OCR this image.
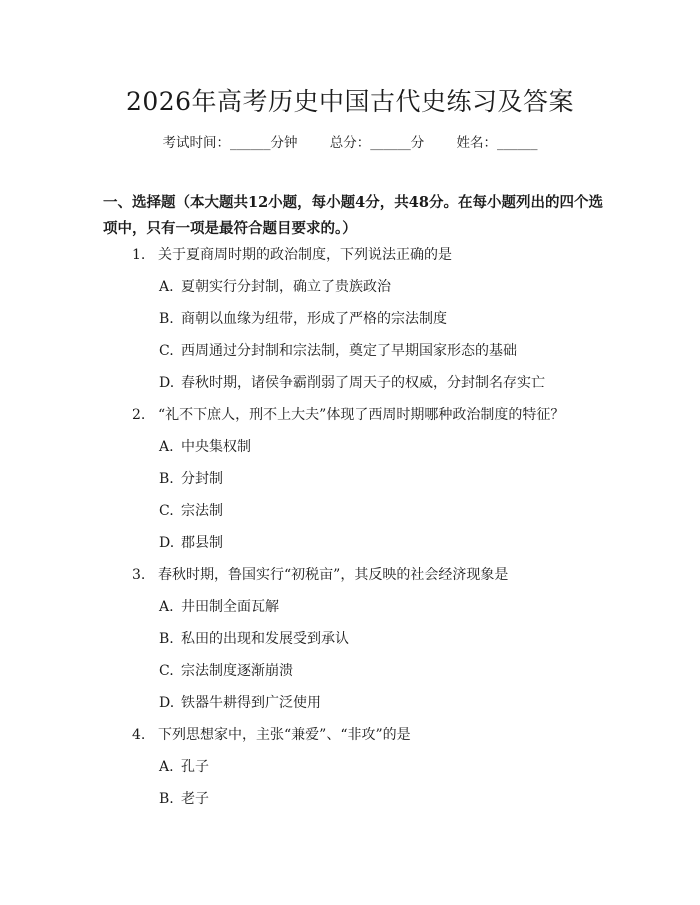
2026年高考历史中国古代史练习及答案
考试时间：______分钟 总分：______分 姓名：______
一、选择题（本大题共12小题，每小题4分，共48分。在每小题列出的四个选项中，只有一项是最符合题目要求的。）
1. 关于夏商周时期的政治制度，下列说法正确的是
A. 夏朝实行分封制，确立了贵族政治
B. 商朝以血缘为纽带，形成了严格的宗法制度
C. 西周通过分封制和宗法制，奠定了早期国家形态的基础
D. 春秋时期，诸侯争霸削弱了周天子的权威，分封制名存实亡
2. “礼不下庶人，刑不上大夫”体现了西周时期哪种政治制度的特征？
A. 中央集权制
B. 分封制
C. 宗法制
D. 郡县制
3. 春秋时期，鲁国实行“初税亩”，其反映的社会经济现象是
A. 井田制全面瓦解
B. 私田的出现和发展受到承认
C. 宗法制度逐渐崩溃
D. 铁器牛耕得到广泛使用
4. 下列思想家中，主张“兼爱”、“非攻”的是
A. 孔子
B. 老子
